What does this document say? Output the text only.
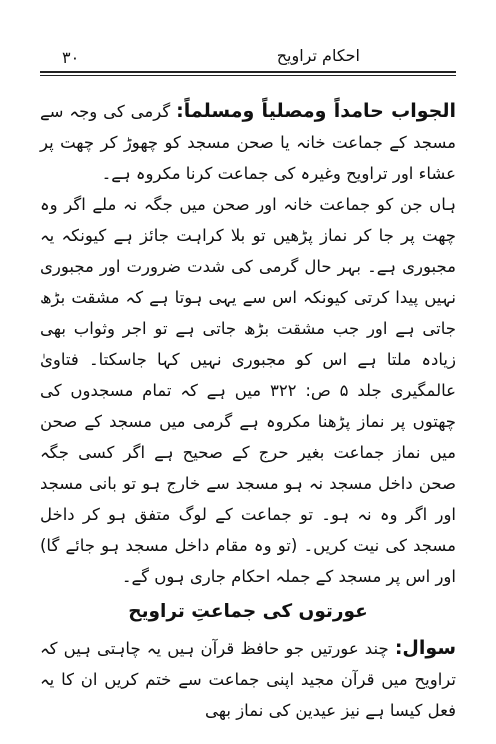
۳۰	احکام تراویح

الجواب حامداً ومصلیاً ومسلماً: گرمی کی وجہ سے مسجد کے جماعت خانہ یا صحن مسجد کو چھوڑ کر چھت پر عشاء اور تراویح وغیرہ کی جماعت کرنا مکروہ ہے۔

ہاں جن کو جماعت خانہ اور صحن میں جگہ نہ ملے اگر وہ چھت پر جا کر نماز پڑھیں تو بلا کراہت جائز ہے کیونکہ یہ مجبوری ہے۔ بہر حال گرمی کی شدت ضرورت اور مجبوری نہیں پیدا کرتی کیونکہ اس سے یہی ہوتا ہے کہ مشقت بڑھ جاتی ہے اور جب مشقت بڑھ جاتی ہے تو اجر وثواب بھی زیادہ ملتا ہے اس کو مجبوری نہیں کہا جاسکتا۔ فتاویٰ عالمگیری جلد ۵ ص: ۳۲۲ میں ہے کہ تمام مسجدوں کی چھتوں پر نماز پڑھنا مکروہ ہے گرمی میں مسجد کے صحن میں نماز جماعت بغیر حرج کے صحیح ہے اگر کسی جگہ صحن داخل مسجد نہ ہو مسجد سے خارج ہو تو بانی مسجد اور اگر وہ نہ ہو۔ تو جماعت کے لوگ متفق ہو کر داخل مسجد کی نیت کریں۔ (تو وہ مقام داخل مسجد ہو جائے گا) اور اس پر مسجد کے جملہ احکام جاری ہوں گے۔

عورتوں کی جماعتِ تراویح

سوال: چند عورتیں جو حافظ قرآن ہیں یہ چاہتی ہیں کہ تراویح میں قرآن مجید اپنی جماعت سے ختم کریں ان کا یہ فعل کیسا ہے نیز عیدین کی نماز بھی
